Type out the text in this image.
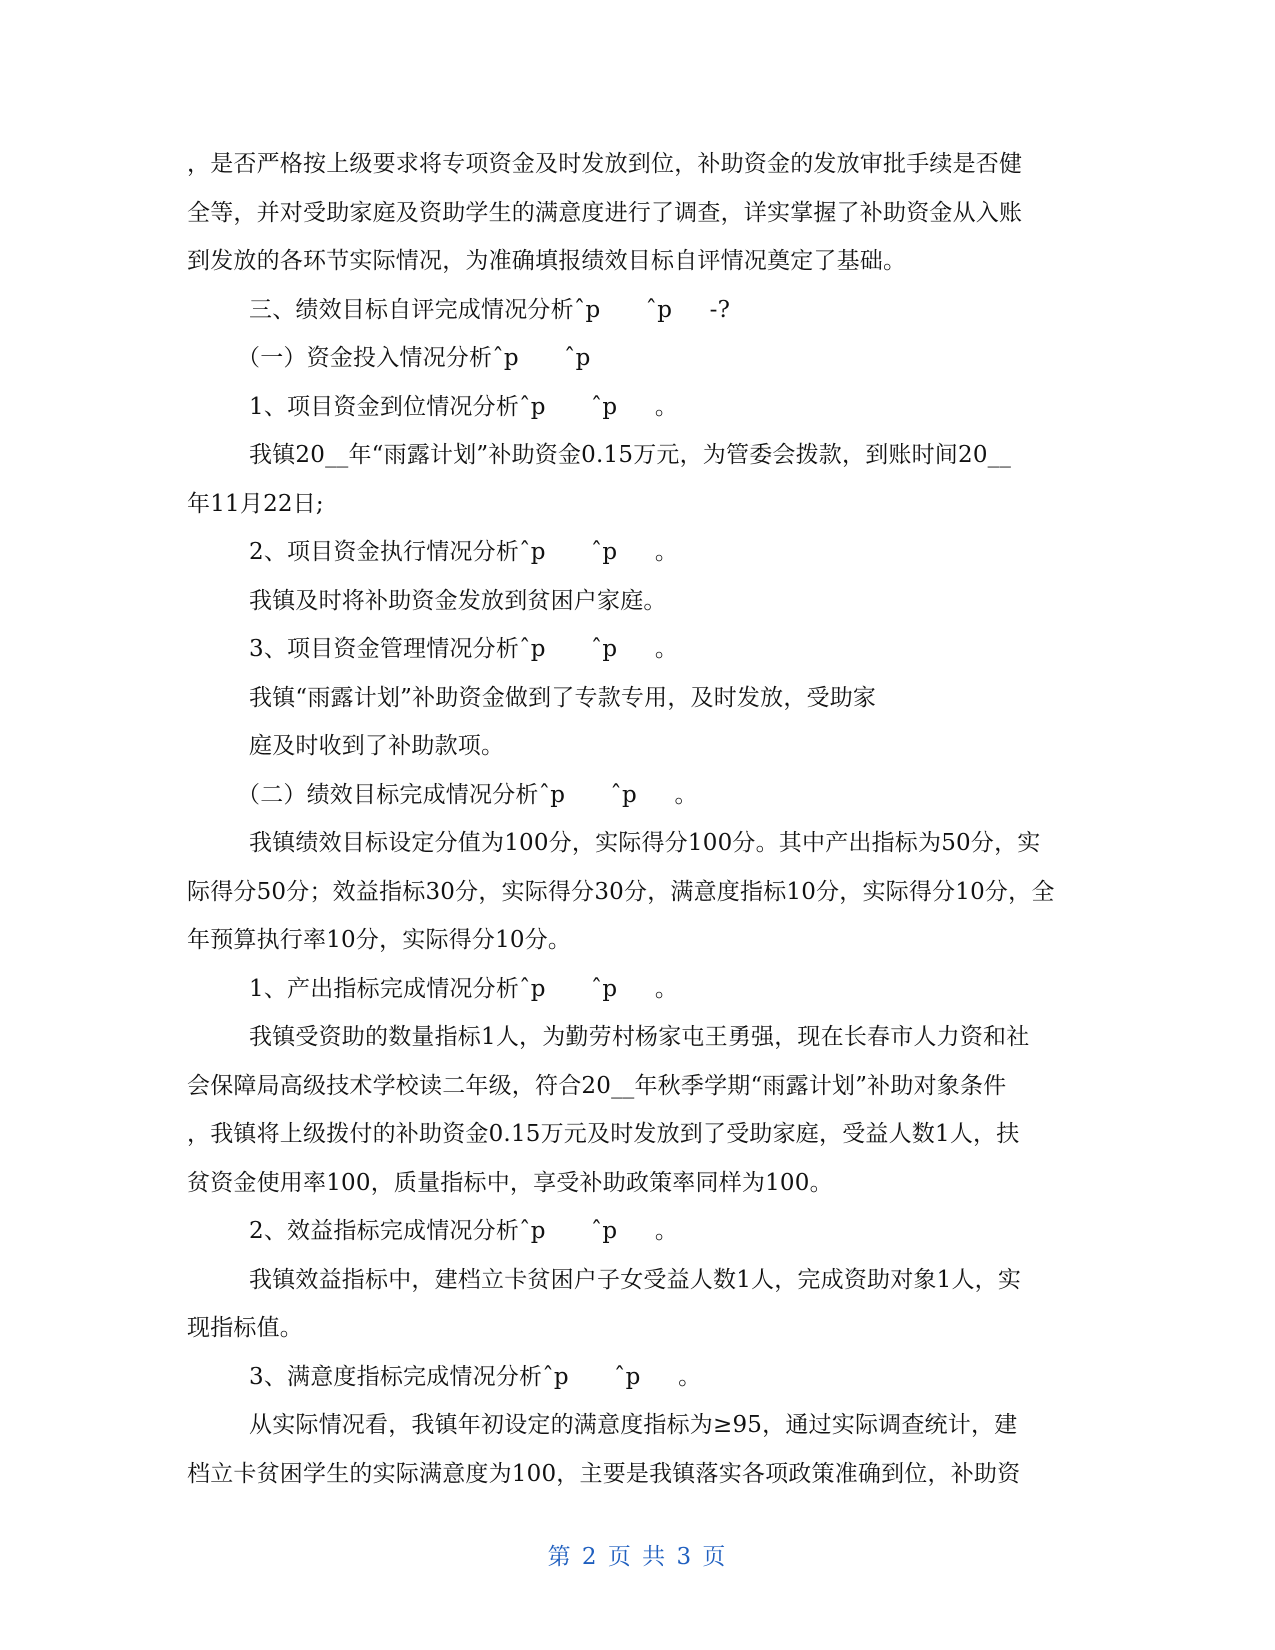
，是否严格按上级要求将专项资金及时发放到位，补助资金的发放审批手续是否健

全等，并对受助家庭及资助学生的满意度进行了调查，详实掌握了补助资金从入账

到发放的各环节实际情况，为准确填报绩效目标自评情况奠定了基础。

三、绩效目标自评完成情况分析ˆp      ˆp     -?

（一）资金投入情况分析ˆp      ˆp

1、项目资金到位情况分析ˆp      ˆp     。

我镇20__年“雨露计划”补助资金0.15万元，为管委会拨款，到账时间20__

年11月22日;

2、项目资金执行情况分析ˆp      ˆp     。

我镇及时将补助资金发放到贫困户家庭。

3、项目资金管理情况分析ˆp      ˆp     。

我镇“雨露计划”补助资金做到了专款专用，及时发放，受助家

庭及时收到了补助款项。

（二）绩效目标完成情况分析ˆp      ˆp     。

我镇绩效目标设定分值为100分，实际得分100分。其中产出指标为50分，实

际得分50分；效益指标30分，实际得分30分，满意度指标10分，实际得分10分，全

年预算执行率10分，实际得分10分。

1、产出指标完成情况分析ˆp      ˆp     。

我镇受资助的数量指标1人，为勤劳村杨家屯王勇强，现在长春市人力资和社

会保障局高级技术学校读二年级，符合20__年秋季学期“雨露计划”补助对象条件

，我镇将上级拨付的补助资金0.15万元及时发放到了受助家庭，受益人数1人，扶

贫资金使用率100，质量指标中，享受补助政策率同样为100。

2、效益指标完成情况分析ˆp      ˆp     。

我镇效益指标中，建档立卡贫困户子女受益人数1人，完成资助对象1人，实

现指标值。

3、满意度指标完成情况分析ˆp      ˆp     。

从实际情况看，我镇年初设定的满意度指标为≥95，通过实际调查统计，建

档立卡贫困学生的实际满意度为100，主要是我镇落实各项政策准确到位，补助资

第 2 页 共 3 页
